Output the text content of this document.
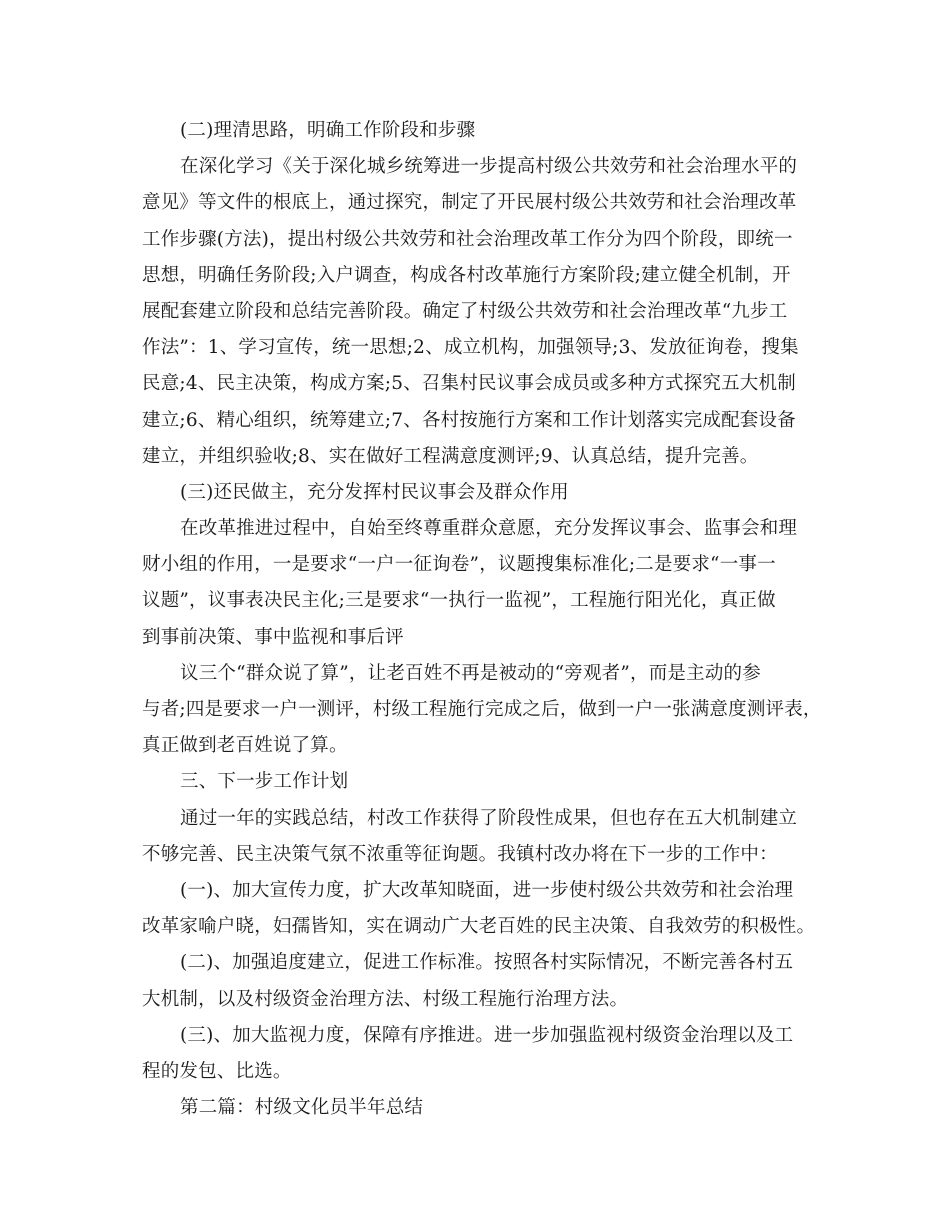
(二)理清思路，明确工作阶段和步骤
在深化学习《关于深化城乡统筹进一步提高村级公共效劳和社会治理水平的
意见》等文件的根底上，通过探究，制定了开民展村级公共效劳和社会治理改革
工作步骤(方法)，提出村级公共效劳和社会治理改革工作分为四个阶段，即统一
思想，明确任务阶段;入户调查，构成各村改革施行方案阶段;建立健全机制，开
展配套建立阶段和总结完善阶段。确定了村级公共效劳和社会治理改革“九步工
作法”：1、学习宣传，统一思想;2、成立机构，加强领导;3、发放征询卷，搜集
民意;4、民主决策，构成方案;5、召集村民议事会成员或多种方式探究五大机制
建立;6、精心组织，统筹建立;7、各村按施行方案和工作计划落实完成配套设备
建立，并组织验收;8、实在做好工程满意度测评;9、认真总结，提升完善。
(三)还民做主，充分发挥村民议事会及群众作用
在改革推进过程中，自始至终尊重群众意愿，充分发挥议事会、监事会和理
财小组的作用，一是要求“一户一征询卷”，议题搜集标准化;二是要求“一事一
议题”，议事表决民主化;三是要求“一执行一监视”，工程施行阳光化，真正做
到事前决策、事中监视和事后评
议三个“群众说了算”，让老百姓不再是被动的“旁观者”，而是主动的参
与者;四是要求一户一测评，村级工程施行完成之后，做到一户一张满意度测评表，
真正做到老百姓说了算。
三、下一步工作计划
通过一年的实践总结，村改工作获得了阶段性成果，但也存在五大机制建立
不够完善、民主决策气氛不浓重等征询题。我镇村改办将在下一步的工作中：
(一)、加大宣传力度，扩大改革知晓面，进一步使村级公共效劳和社会治理
改革家喻户晓，妇孺皆知，实在调动广大老百姓的民主决策、自我效劳的积极性。
(二)、加强追度建立，促进工作标准。按照各村实际情况，不断完善各村五
大机制，以及村级资金治理方法、村级工程施行治理方法。
(三)、加大监视力度，保障有序推进。进一步加强监视村级资金治理以及工
程的发包、比选。
第二篇：村级文化员半年总结
